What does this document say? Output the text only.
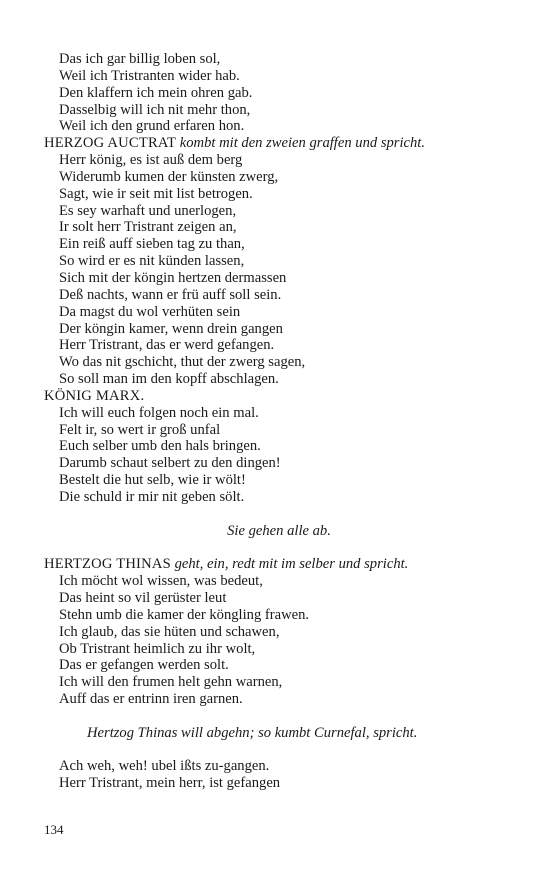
Das ich gar billig loben sol,
Weil ich Tristranten wider hab.
Den klaffern ich mein ohren gab.
Dasselbig will ich nit mehr thon,
Weil ich den grund erfaren hon.
HERZOG AUCTRAT kombt mit den zweien graffen und spricht.
Herr könig, es ist auß dem berg
Widerumb kumen der künsten zwerg,
Sagt, wie ir seit mit list betrogen.
Es sey warhaft und unerlogen,
Ir solt herr Tristrant zeigen an,
Ein reiß auff sieben tag zu than,
So wird er es nit künden lassen,
Sich mit der köngin hertzen dermassen
Deß nachts, wann er frü auff soll sein.
Da magst du wol verhüten sein
Der köngin kamer, wenn drein gangen
Herr Tristrant, das er werd gefangen.
Wo das nit gschicht, thut der zwerg sagen,
So soll man im den kopff abschlagen.
KÖNIG MARX.
Ich will euch folgen noch ein mal.
Felt ir, so wert ir groß unfal
Euch selber umb den hals bringen.
Darumb schaut selbert zu den dingen!
Bestelt die hut selb, wie ir wölt!
Die schuld ir mir nit geben sölt.
Sie gehen alle ab.
HERTZOG THINAS geht, ein, redt mit im selber und spricht.
Ich möcht wol wissen, was bedeut,
Das heint so vil gerüster leut
Stehn umb die kamer der köngling frawen.
Ich glaub, das sie hüten und schawen,
Ob Tristrant heimlich zu ihr wolt,
Das er gefangen werden solt.
Ich will den frumen helt gehn warnen,
Auff das er entrinn iren garnen.
Hertzog Thinas will abgehn; so kumbt Curnefal, spricht.
Ach weh, weh! ubel ißts zu-gangen.
Herr Tristrant, mein herr, ist gefangen
134
